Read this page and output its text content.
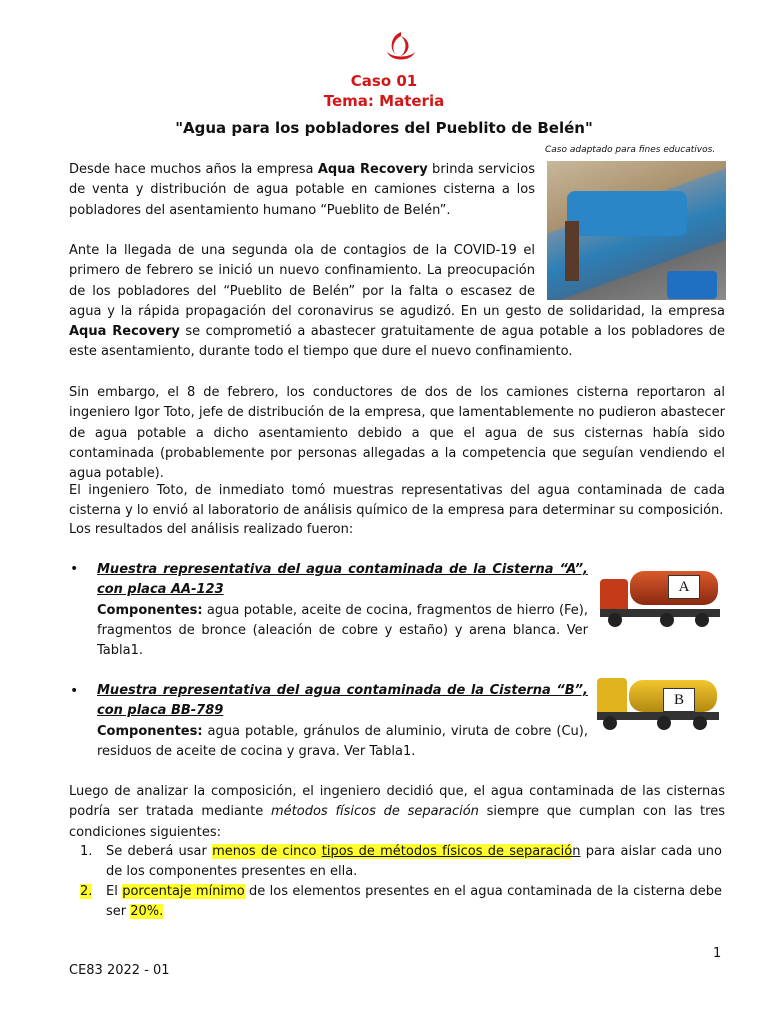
Caso 01
Tema: Materia
"Agua para los pobladores del Pueblito de Belén"
Caso adaptado para fines educativos.
Desde hace muchos años la empresa Aqua Recovery brinda servicios de venta y distribución de agua potable en camiones cisterna a los pobladores del asentamiento humano “Pueblito de Belén”.
Ante la llegada de una segunda ola de contagios de la COVID-19 el primero de febrero se inició un nuevo confinamiento. La preocupación de los pobladores del “Pueblito de Belén” por la falta o escasez de agua y la rápida propagación del coronavirus se agudizó. En un gesto de solidaridad, la empresa Aqua Recovery se comprometió a abastecer gratuitamente de agua potable a los pobladores de este asentamiento, durante todo el tiempo que dure el nuevo confinamiento.
Sin embargo, el 8 de febrero, los conductores de dos de los camiones cisterna reportaron al ingeniero Igor Toto, jefe de distribución de la empresa, que lamentablemente no pudieron abastecer de agua potable a dicho asentamiento debido a que el agua de sus cisternas había sido contaminada (probablemente por personas allegadas a la competencia que seguían vendiendo el agua potable).
El ingeniero Toto, de inmediato tomó muestras representativas del agua contaminada de cada cisterna y lo envió al laboratorio de análisis químico de la empresa para determinar su composición.
Los resultados del análisis realizado fueron:
• Muestra representativa del agua contaminada de la Cisterna “A”, con placa AA-123
Componentes: agua potable, aceite de cocina, fragmentos de hierro (Fe), fragmentos de bronce (aleación de cobre y estaño) y arena blanca. Ver Tabla1.
A
• Muestra representativa del agua contaminada de la Cisterna “B”, con placa BB-789
Componentes: agua potable, gránulos de aluminio, viruta de cobre (Cu), residuos de aceite de cocina y grava. Ver Tabla1.
B
Luego de analizar la composición, el ingeniero decidió que, el agua contaminada de las cisternas podría ser tratada mediante métodos físicos de separación siempre que cumplan con las tres condiciones siguientes:
1. Se deberá usar menos de cinco tipos de métodos físicos de separación para aislar cada uno de los componentes presentes en ella.
2. El porcentaje mínimo de los elementos presentes en el agua contaminada de la cisterna debe ser 20%.
1
CE83 2022 - 01
